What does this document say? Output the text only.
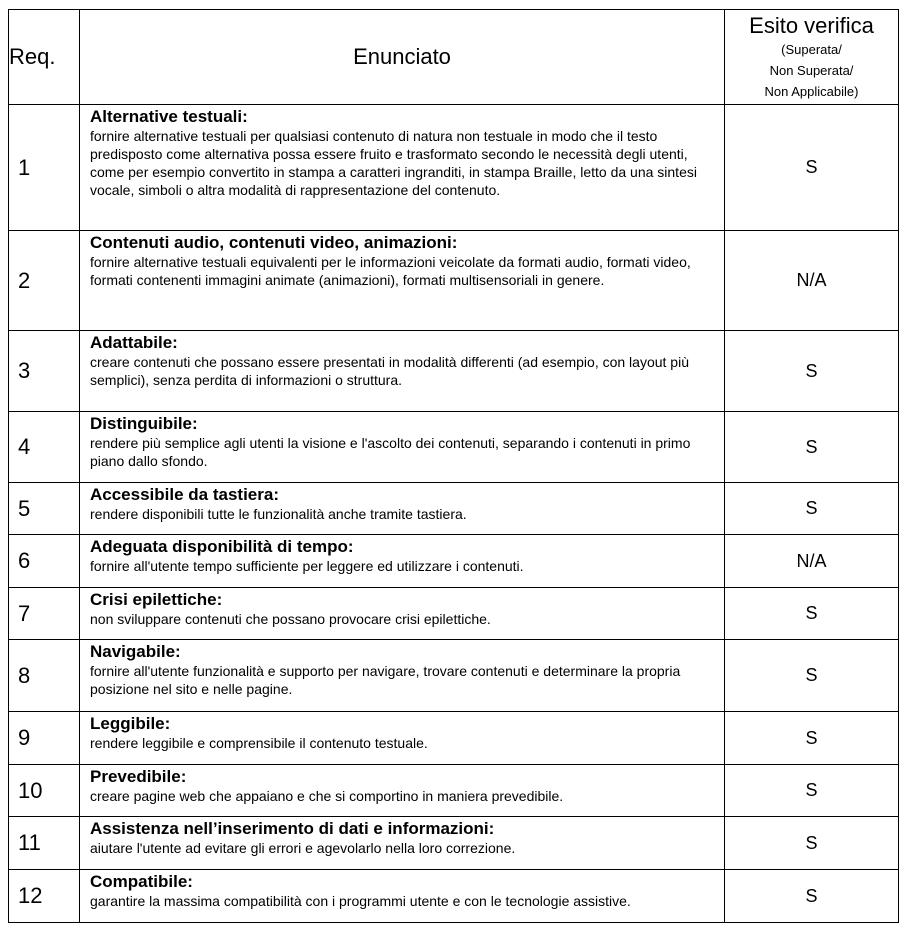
Req.	Enunciato	Esito verifica
(Superata/
Non Superata/
Non Applicabile)

1	Alternative testuali:
fornire alternative testuali per qualsiasi contenuto di natura non testuale in modo che il testo predisposto come alternativa possa essere fruito e trasformato secondo le necessità degli utenti, come per esempio convertito in stampa a caratteri ingranditi, in stampa Braille, letto da una sintesi vocale, simboli o altra modalità di rappresentazione del contenuto.	S
2	Contenuti audio, contenuti video, animazioni:
fornire alternative testuali equivalenti per le informazioni veicolate da formati audio, formati video, formati contenenti immagini animate (animazioni), formati multisensoriali in genere.	N/A
3	Adattabile:
creare contenuti che possano essere presentati in modalità differenti (ad esempio, con layout più semplici), senza perdita di informazioni o struttura.	S
4	Distinguibile:
rendere più semplice agli utenti la visione e l'ascolto dei contenuti, separando i contenuti in primo piano dallo sfondo.	S
5	Accessibile da tastiera:
rendere disponibili tutte le funzionalità anche tramite tastiera.	S
6	Adeguata disponibilità di tempo:
fornire all'utente tempo sufficiente per leggere ed utilizzare i contenuti.	N/A
7	Crisi epilettiche:
non sviluppare contenuti che possano provocare crisi epilettiche.	S
8	Navigabile:
fornire all'utente funzionalità e supporto per navigare, trovare contenuti e determinare la propria posizione nel sito e nelle pagine.	S
9	Leggibile:
rendere leggibile e comprensibile il contenuto testuale.	S
10	Prevedibile:
creare pagine web che appaiano e che si comportino in maniera prevedibile.	S
11	Assistenza nell’inserimento di dati e informazioni:
aiutare l'utente ad evitare gli errori e agevolarlo nella loro correzione.	S
12	Compatibile:
garantire la massima compatibilità con i programmi utente e con le tecnologie assistive.	S
